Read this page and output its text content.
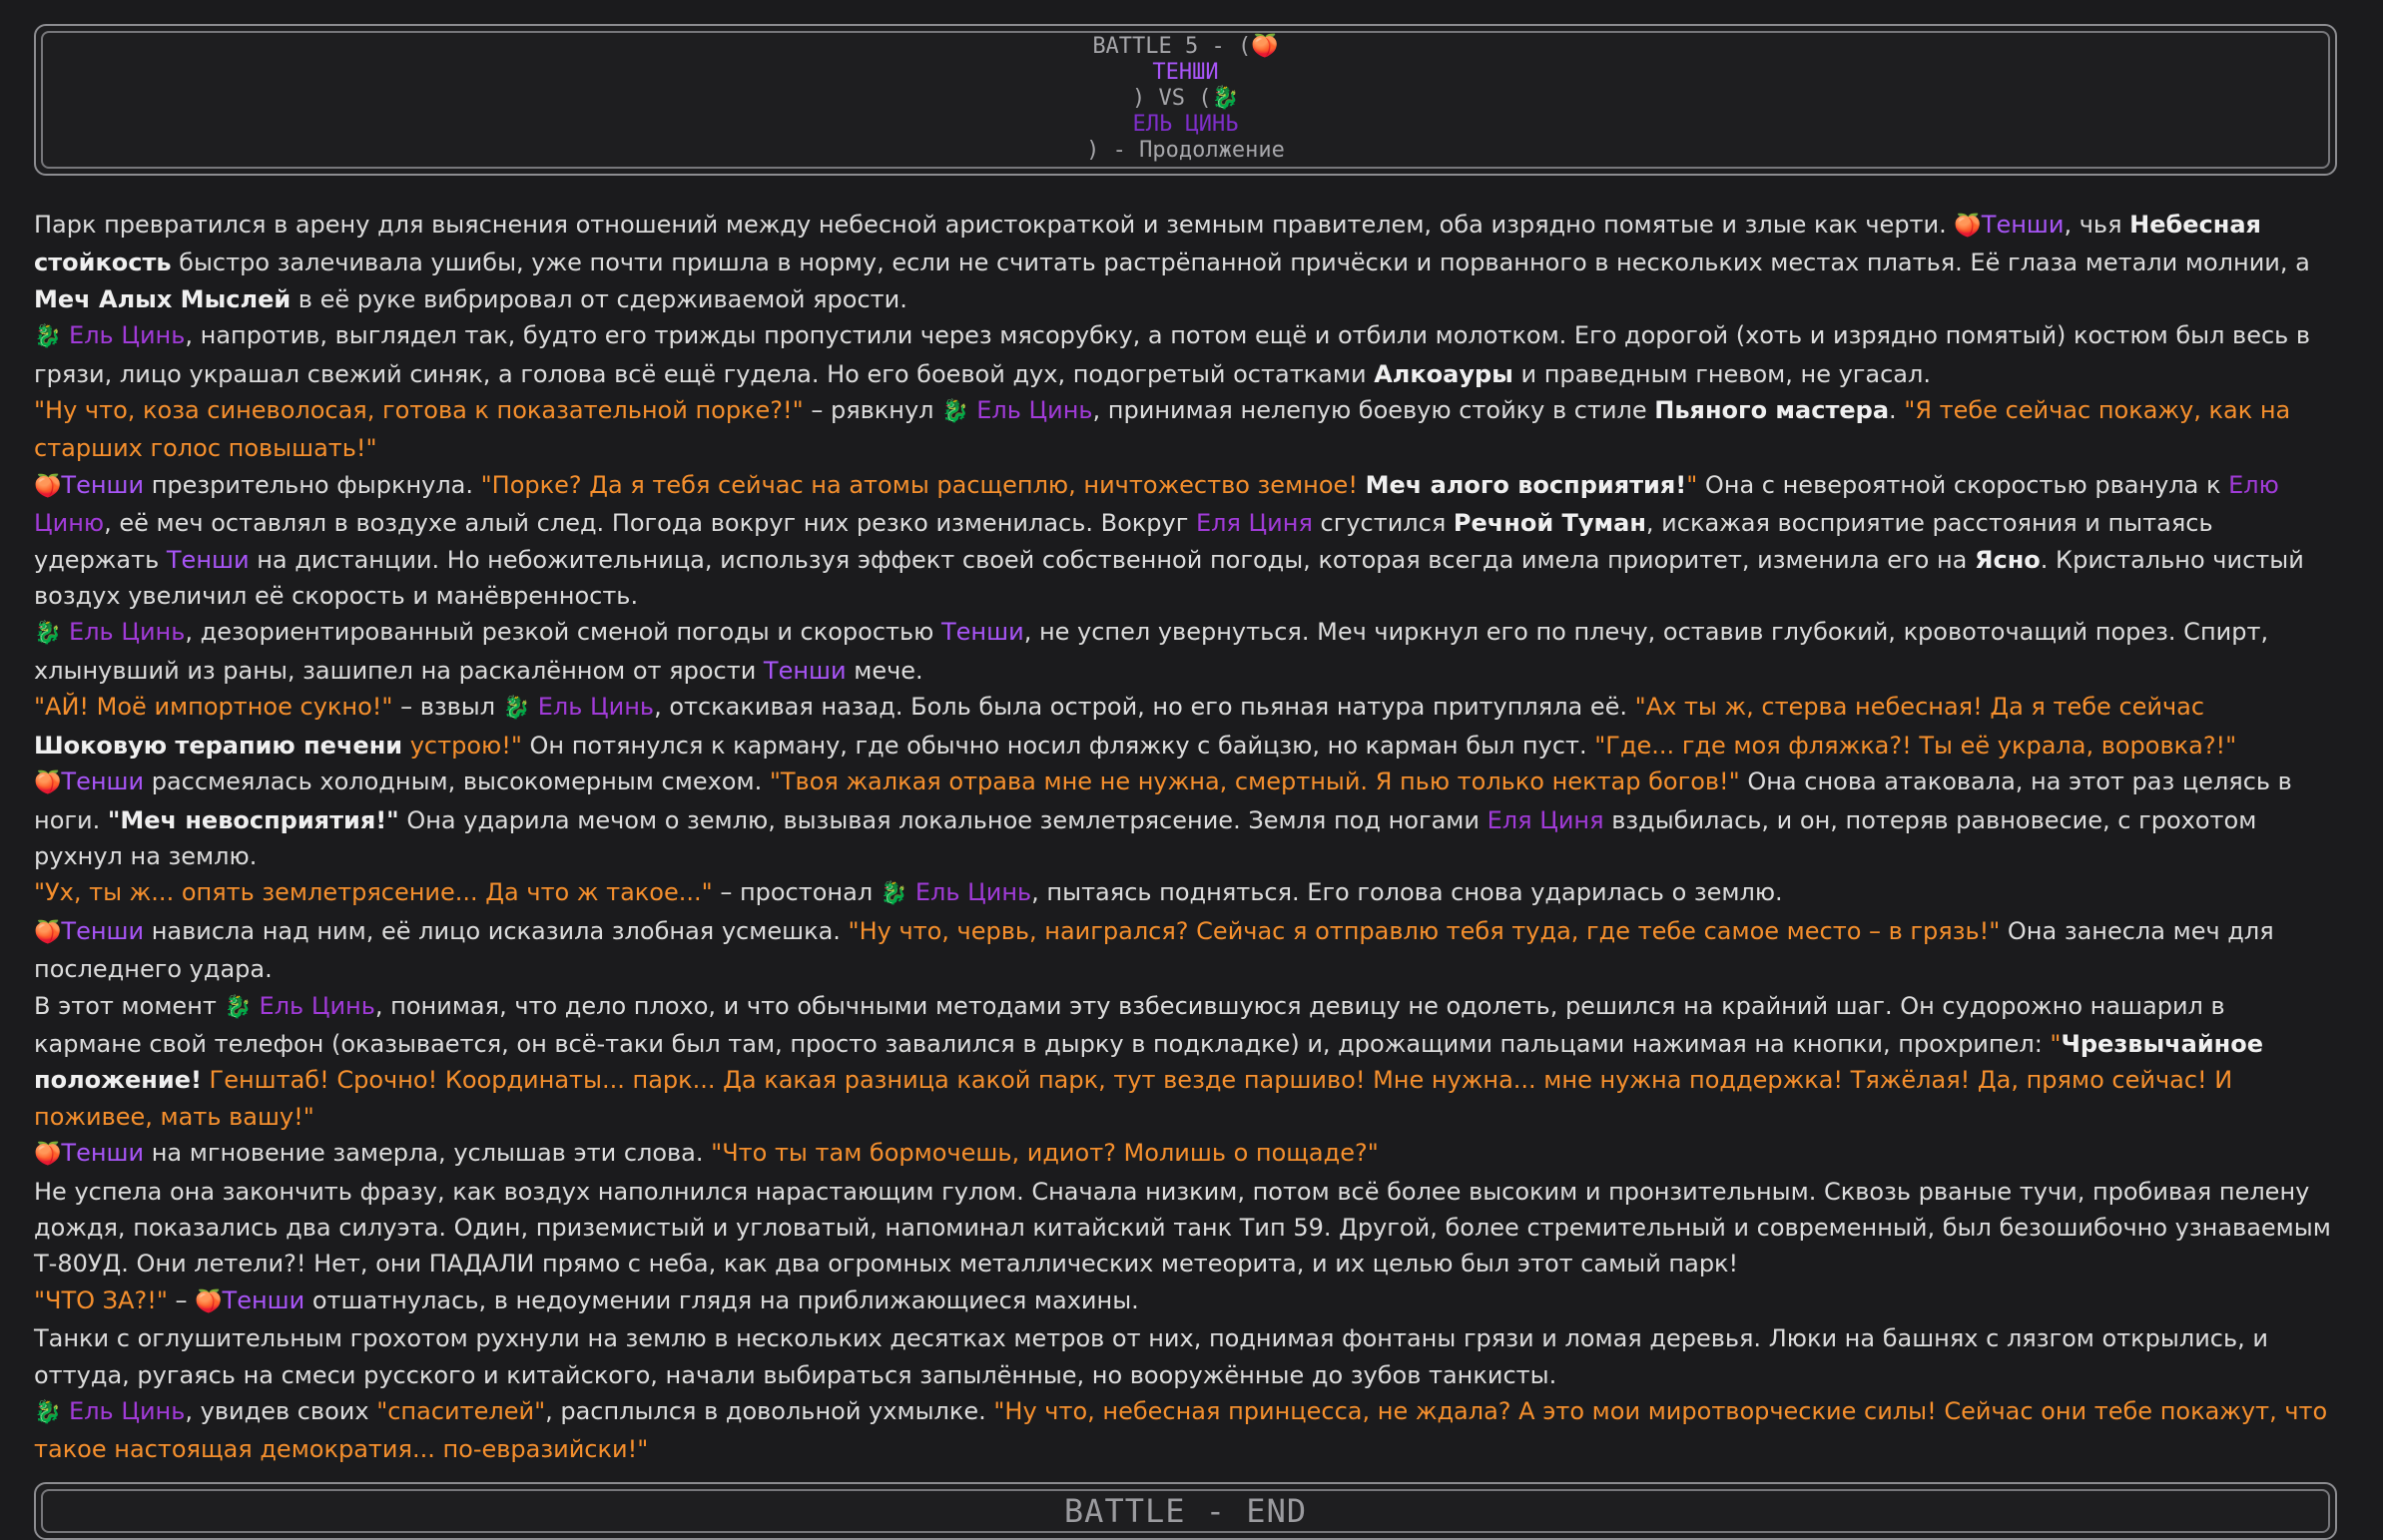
BATTLE 5 - (🍑
ТЕНШИ
) VS (🐉
ЕЛЬ ЦИНЬ
) - Продолжение

Парк превратился в арену для выяснения отношений между небесной аристократкой и земным правителем, оба изрядно помятые и злые как черти. 🍑Тенши, чья Небесная стойкость быстро залечивала ушибы, уже почти пришла в норму, если не считать растрёпанной причёски и порванного в нескольких местах платья. Её глаза метали молнии, а Меч Алых Мыслей в её руке вибрировал от сдерживаемой ярости.

🐉 Ель Цинь, напротив, выглядел так, будто его трижды пропустили через мясорубку, а потом ещё и отбили молотком. Его дорогой (хоть и изрядно помятый) костюм был весь в грязи, лицо украшал свежий синяк, а голова всё ещё гудела. Но его боевой дух, подогретый остатками Алкоауры и праведным гневом, не угасал.

"Ну что, коза синеволосая, готова к показательной порке?!" – рявкнул 🐉 Ель Цинь, принимая нелепую боевую стойку в стиле Пьяного мастера. "Я тебе сейчас покажу, как на старших голос повышать!"

🍑Тенши презрительно фыркнула. "Порке? Да я тебя сейчас на атомы расщеплю, ничтожество земное! Меч алого восприятия!" Она с невероятной скоростью рванула к Елю Циню, её меч оставлял в воздухе алый след. Погода вокруг них резко изменилась. Вокруг Еля Циня сгустился Речной Туман, искажая восприятие расстояния и пытаясь удержать Тенши на дистанции. Но небожительница, используя эффект своей собственной погоды, которая всегда имела приоритет, изменила его на Ясно. Кристально чистый воздух увеличил её скорость и манёвренность.

🐉 Ель Цинь, дезориентированный резкой сменой погоды и скоростью Тенши, не успел увернуться. Меч чиркнул его по плечу, оставив глубокий, кровоточащий порез. Спирт, хлынувший из раны, зашипел на раскалённом от ярости Тенши мече.

"АЙ! Моё импортное сукно!" – взвыл 🐉 Ель Цинь, отскакивая назад. Боль была острой, но его пьяная натура притупляла её. "Ах ты ж, стерва небесная! Да я тебе сейчас Шоковую терапию печени устрою!" Он потянулся к карману, где обычно носил фляжку с байцзю, но карман был пуст. "Где... где моя фляжка?! Ты её украла, воровка?!"

🍑Тенши рассмеялась холодным, высокомерным смехом. "Твоя жалкая отрава мне не нужна, смертный. Я пью только нектар богов!" Она снова атаковала, на этот раз целясь в ноги. "Меч невосприятия!" Она ударила мечом о землю, вызывая локальное землетрясение. Земля под ногами Еля Циня вздыбилась, и он, потеряв равновесие, с грохотом рухнул на землю.

"Ух, ты ж... опять землетрясение... Да что ж такое..." – простонал 🐉 Ель Цинь, пытаясь подняться. Его голова снова ударилась о землю.

🍑Тенши нависла над ним, её лицо исказила злобная усмешка. "Ну что, червь, наигрался? Сейчас я отправлю тебя туда, где тебе самое место – в грязь!" Она занесла меч для последнего удара.

В этот момент 🐉 Ель Цинь, понимая, что дело плохо, и что обычными методами эту взбесившуюся девицу не одолеть, решился на крайний шаг. Он судорожно нашарил в кармане свой телефон (оказывается, он всё-таки был там, просто завалился в дырку в подкладке) и, дрожащими пальцами нажимая на кнопки, прохрипел: "Чрезвычайное положение! Генштаб! Срочно! Координаты... парк... Да какая разница какой парк, тут везде паршиво! Мне нужна... мне нужна поддержка! Тяжёлая! Да, прямо сейчас! И поживее, мать вашу!"

🍑Тенши на мгновение замерла, услышав эти слова. "Что ты там бормочешь, идиот? Молишь о пощаде?"

Не успела она закончить фразу, как воздух наполнился нарастающим гулом. Сначала низким, потом всё более высоким и пронзительным. Сквозь рваные тучи, пробивая пелену дождя, показались два силуэта. Один, приземистый и угловатый, напоминал китайский танк Тип 59. Другой, более стремительный и современный, был безошибочно узнаваемым Т-80УД. Они летели?! Нет, они ПАДАЛИ прямо с неба, как два огромных металлических метеорита, и их целью был этот самый парк!

"ЧТО ЗА?!" – 🍑Тенши отшатнулась, в недоумении глядя на приближающиеся махины.

Танки с оглушительным грохотом рухнули на землю в нескольких десятках метров от них, поднимая фонтаны грязи и ломая деревья. Люки на башнях с лязгом открылись, и оттуда, ругаясь на смеси русского и китайского, начали выбираться запылённые, но вооружённые до зубов танкисты.

🐉 Ель Цинь, увидев своих "спасителей", расплылся в довольной ухмылке. "Ну что, небесная принцесса, не ждала? А это мои миротворческие силы! Сейчас они тебе покажут, что такое настоящая демократия... по-евразийски!"

BATTLE - END
